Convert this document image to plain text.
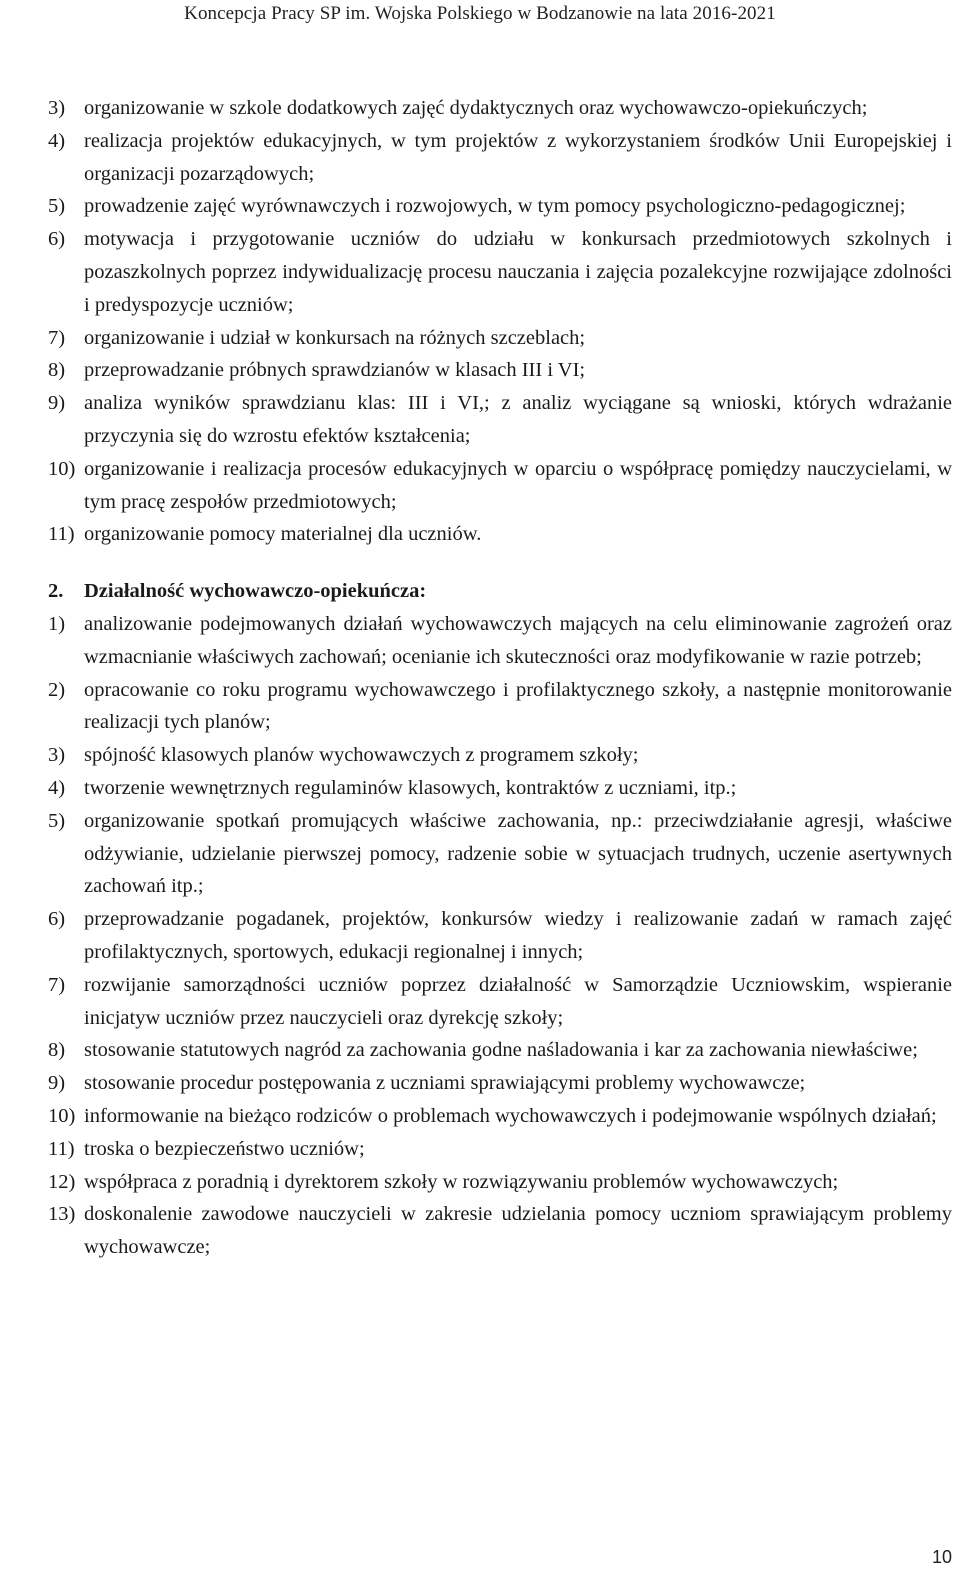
Koncepcja Pracy SP im. Wojska Polskiego w Bodzanowie na lata 2016-2021
3) organizowanie w szkole dodatkowych zajęć dydaktycznych oraz wychowawczo-opiekuńczych;
4) realizacja projektów edukacyjnych, w tym projektów z wykorzystaniem środków Unii Europejskiej i organizacji pozarządowych;
5) prowadzenie zajęć wyrównawczych i rozwojowych, w tym pomocy psychologiczno-pedagogicznej;
6) motywacja i przygotowanie uczniów do udziału w konkursach przedmiotowych szkolnych i pozaszkolnych poprzez indywidualizację procesu nauczania i zajęcia pozalekcyjne rozwijające zdolności i predyspozycje uczniów;
7) organizowanie i udział w konkursach na różnych szczeblach;
8) przeprowadzanie próbnych sprawdzianów w klasach III i VI;
9) analiza wyników sprawdzianu klas: III i VI,; z analiz wyciągane są wnioski, których wdrażanie przyczynia się do wzrostu efektów kształcenia;
10) organizowanie i realizacja procesów edukacyjnych w oparciu o współpracę pomiędzy nauczycielami, w tym pracę zespołów przedmiotowych;
11) organizowanie pomocy materialnej dla uczniów.
2. Działalność wychowawczo-opiekuńcza:
1) analizowanie podejmowanych działań wychowawczych mających na celu eliminowanie zagrożeń oraz wzmacnianie właściwych zachowań; ocenianie ich skuteczności oraz modyfikowanie w razie potrzeb;
2) opracowanie co roku programu wychowawczego i profilaktycznego szkoły, a następnie monitorowanie realizacji tych planów;
3) spójność klasowych planów wychowawczych z programem szkoły;
4) tworzenie wewnętrznych regulaminów klasowych, kontraktów z uczniami, itp.;
5) organizowanie spotkań promujących właściwe zachowania, np.: przeciwdziałanie agresji, właściwe odżywianie, udzielanie pierwszej pomocy, radzenie sobie w sytuacjach trudnych, uczenie asertywnych zachowań itp.;
6) przeprowadzanie pogadanek, projektów, konkursów wiedzy i realizowanie zadań w ramach zajęć profilaktycznych, sportowych, edukacji regionalnej i innych;
7) rozwijanie samorządności uczniów poprzez działalność w Samorządzie Uczniowskim, wspieranie inicjatyw uczniów przez nauczycieli oraz dyrekcję szkoły;
8) stosowanie statutowych nagród za zachowania godne naśladowania i kar za zachowania niewłaściwe;
9) stosowanie procedur postępowania z uczniami sprawiającymi problemy wychowawcze;
10) informowanie na bieżąco rodziców o problemach wychowawczych i podejmowanie wspólnych działań;
11) troska o bezpieczeństwo uczniów;
12) współpraca z poradnią i dyrektorem szkoły w rozwiązywaniu problemów wychowawczych;
13) doskonalenie zawodowe nauczycieli w zakresie udzielania pomocy uczniom sprawiającym problemy wychowawcze;
10
